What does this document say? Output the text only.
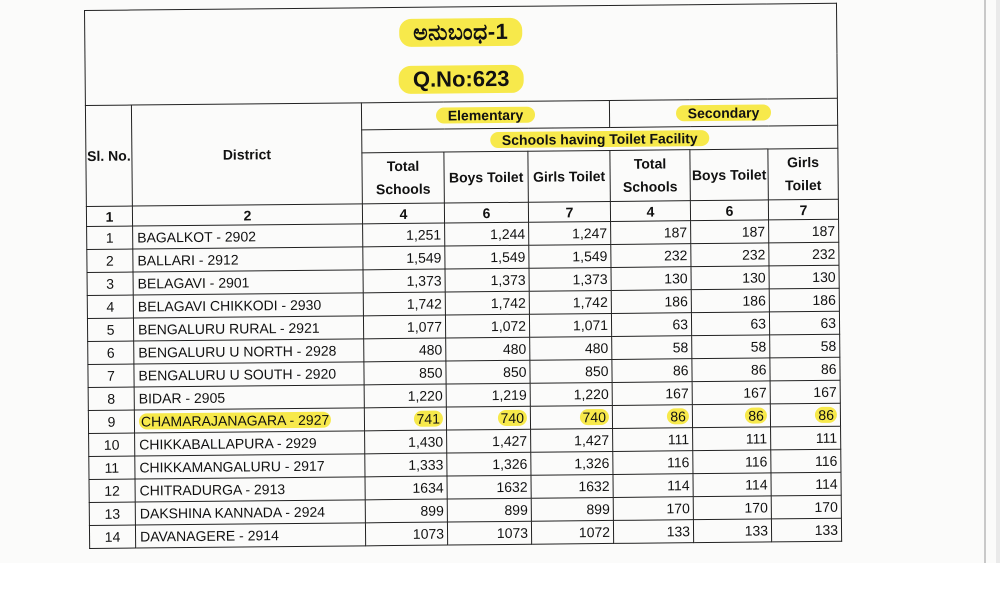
ಅನುಬಂಧ-1							
Q.No:623							
Sl. No.	District	Elementary			Secondary		
		Schools having Toilet Facility					
		Total Schools	Boys Toilet	Girls Toilet	Total Schools	Boys Toilet	Girls Toilet
1	2	4	6	7	4	6	7
1	BAGALKOT - 2902	1,251	1,244	1,247	187	187	187
2	BALLARI - 2912	1,549	1,549	1,549	232	232	232
3	BELAGAVI - 2901	1,373	1,373	1,373	130	130	130
4	BELAGAVI CHIKKODI - 2930	1,742	1,742	1,742	186	186	186
5	BENGALURU RURAL - 2921	1,077	1,072	1,071	63	63	63
6	BENGALURU U NORTH - 2928	480	480	480	58	58	58
7	BENGALURU U SOUTH - 2920	850	850	850	86	86	86
8	BIDAR - 2905	1,220	1,219	1,220	167	167	167
9	CHAMARAJANAGARA - 2927	741	740	740	86	86	86
10	CHIKKABALLAPURA - 2929	1,430	1,427	1,427	111	111	111
11	CHIKKAMANGALURU - 2917	1,333	1,326	1,326	116	116	116
12	CHITRADURGA - 2913	1634	1632	1632	114	114	114
13	DAKSHINA KANNADA - 2924	899	899	899	170	170	170
14	DAVANAGERE - 2914	1073	1073	1072	133	133	133
